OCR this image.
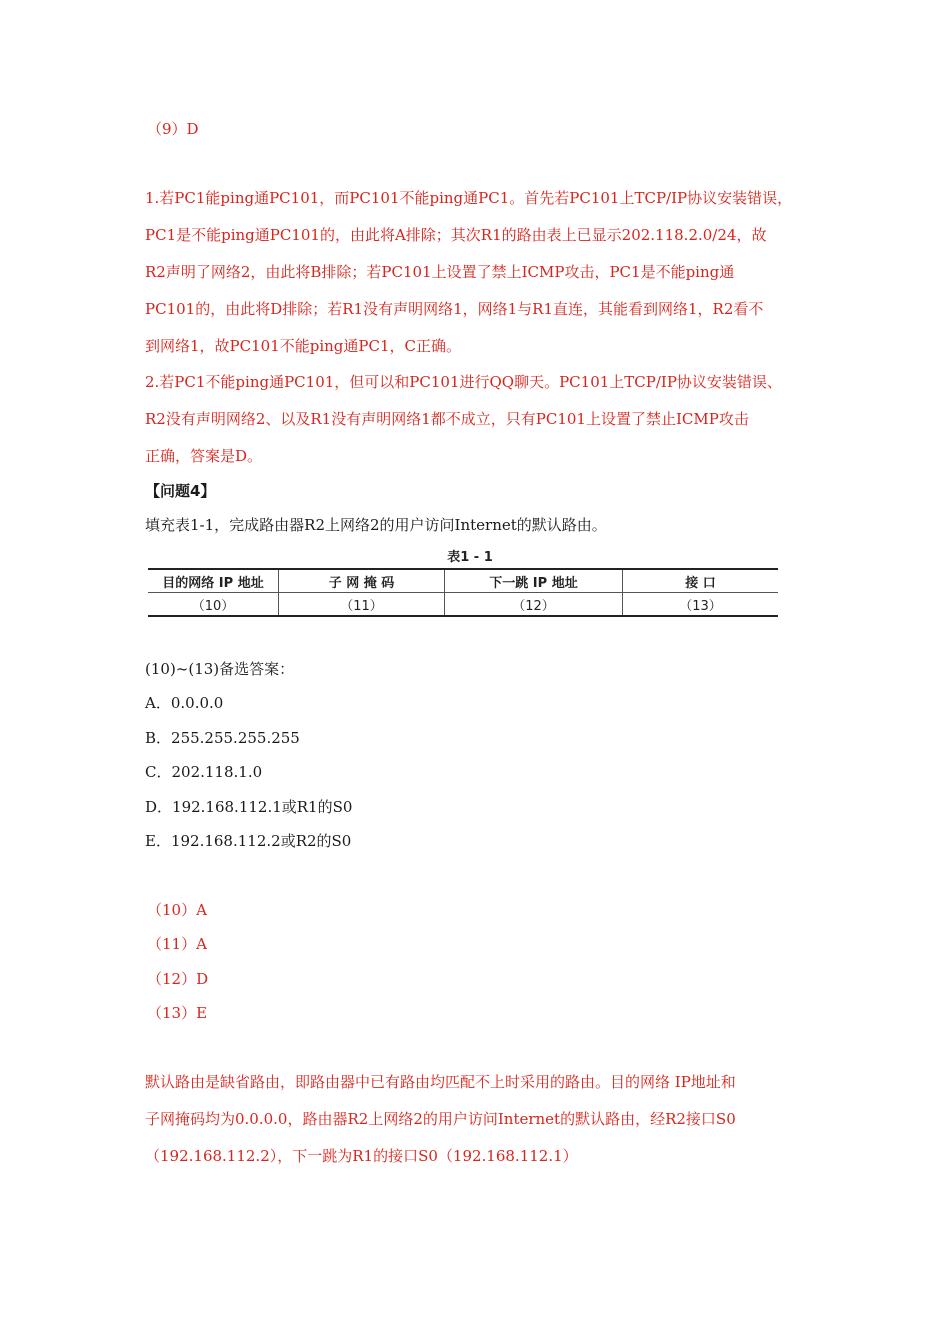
（9）D
1.若PC1能ping通PC101，而PC101不能ping通PC1。首先若PC101上TCP/IP协议安装错误，
PC1是不能ping通PC101的，由此将A排除；其次R1的路由表上已显示202.118.2.0/24，故
R2声明了网络2，由此将B排除；若PC101上设置了禁上ICMP攻击，PC1是不能ping通
PC101的，由此将D排除；若R1没有声明网络1，网络1与R1直连，其能看到网络1，R2看不
到网络1，故PC101不能ping通PC1，C正确。
2.若PC1不能ping通PC101，但可以和PC101进行QQ聊天。PC101上TCP/IP协议安装错误、
R2没有声明网络2、以及R1没有声明网络1都不成立，只有PC101上设置了禁止ICMP攻击
正确，答案是D。
【问题4】
填充表1-1，完成路由器R2上网络2的用户访问Internet的默认路由。
表1 - 1
目的网络 IP 地址	子 网 掩 码	下一跳 IP 地址	接 口
（10）	（11）	（12）	（13）
(10)~(13)备选答案：
A．0.0.0.0
B．255.255.255.255
C．202.118.1.0
D．192.168.112.1或R1的S0
E．192.168.112.2或R2的S0
（10）A
（11）A
（12）D
（13）E
默认路由是缺省路由，即路由器中已有路由均匹配不上时采用的路由。目的网络 IP地址和
子网掩码均为0.0.0.0，路由器R2上网络2的用户访问Internet的默认路由，经R2接口S0
（192.168.112.2），下一跳为R1的接口S0（192.168.112.1）
